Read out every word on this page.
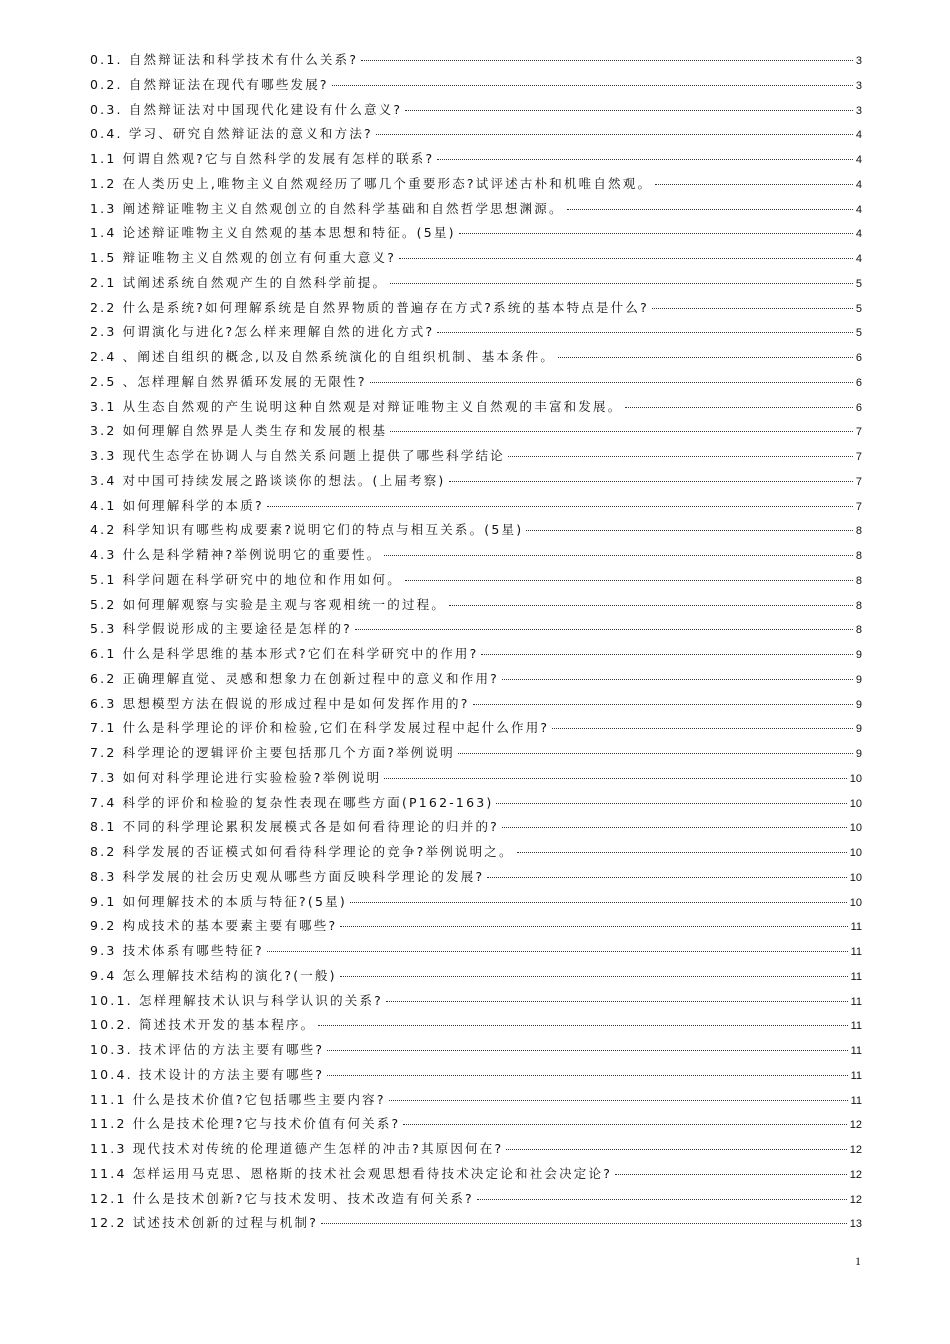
0.1. 自然辩证法和科学技术有什么关系?	3
0.2. 自然辩证法在现代有哪些发展?	3
0.3. 自然辩证法对中国现代化建设有什么意义?	3
0.4. 学习、研究自然辩证法的意义和方法?	4
1.1 何谓自然观?它与自然科学的发展有怎样的联系?	4
1.2 在人类历史上,唯物主义自然观经历了哪几个重要形态?试评述古朴和机唯自然观。	4
1.3 阐述辩证唯物主义自然观创立的自然科学基础和自然哲学思想渊源。	4
1.4 论述辩证唯物主义自然观的基本思想和特征。(5星)	4
1.5 辩证唯物主义自然观的创立有何重大意义?	4
2.1 试阐述系统自然观产生的自然科学前提。	5
2.2 什么是系统?如何理解系统是自然界物质的普遍存在方式?系统的基本特点是什么?	5
2.3 何谓演化与进化?怎么样来理解自然的进化方式?	5
2.4 、阐述自组织的概念,以及自然系统演化的自组织机制、基本条件。	6
2.5 、怎样理解自然界循环发展的无限性?	6
3.1 从生态自然观的产生说明这种自然观是对辩证唯物主义自然观的丰富和发展。	6
3.2 如何理解自然界是人类生存和发展的根基	7
3.3 现代生态学在协调人与自然关系问题上提供了哪些科学结论	7
3.4 对中国可持续发展之路谈谈你的想法。(上届考察)	7
4.1 如何理解科学的本质?	7
4.2 科学知识有哪些构成要素?说明它们的特点与相互关系。(5星)	8
4.3 什么是科学精神?举例说明它的重要性。	8
5.1 科学问题在科学研究中的地位和作用如何。	8
5.2 如何理解观察与实验是主观与客观相统一的过程。	8
5.3 科学假说形成的主要途径是怎样的?	8
6.1 什么是科学思维的基本形式?它们在科学研究中的作用?	9
6.2 正确理解直觉、灵感和想象力在创新过程中的意义和作用?	9
6.3 思想模型方法在假说的形成过程中是如何发挥作用的?	9
7.1 什么是科学理论的评价和检验,它们在科学发展过程中起什么作用?	9
7.2 科学理论的逻辑评价主要包括那几个方面?举例说明	9
7.3 如何对科学理论进行实验检验?举例说明	10
7.4 科学的评价和检验的复杂性表现在哪些方面(P162-163)	10
8.1 不同的科学理论累积发展模式各是如何看待理论的归并的?	10
8.2 科学发展的否证模式如何看待科学理论的竞争?举例说明之。	10
8.3 科学发展的社会历史观从哪些方面反映科学理论的发展?	10
9.1 如何理解技术的本质与特征?(5星)	10
9.2 构成技术的基本要素主要有哪些?	11
9.3 技术体系有哪些特征?	11
9.4 怎么理解技术结构的演化?(一般)	11
10.1. 怎样理解技术认识与科学认识的关系?	11
10.2. 简述技术开发的基本程序。	11
10.3. 技术评估的方法主要有哪些?	11
10.4. 技术设计的方法主要有哪些?	11
11.1 什么是技术价值?它包括哪些主要内容?	11
11.2 什么是技术伦理?它与技术价值有何关系?	12
11.3 现代技术对传统的伦理道德产生怎样的冲击?其原因何在?	12
11.4 怎样运用马克思、恩格斯的技术社会观思想看待技术决定论和社会决定论?	12
12.1 什么是技术创新?它与技术发明、技术改造有何关系?	12
12.2 试述技术创新的过程与机制?	13
1
